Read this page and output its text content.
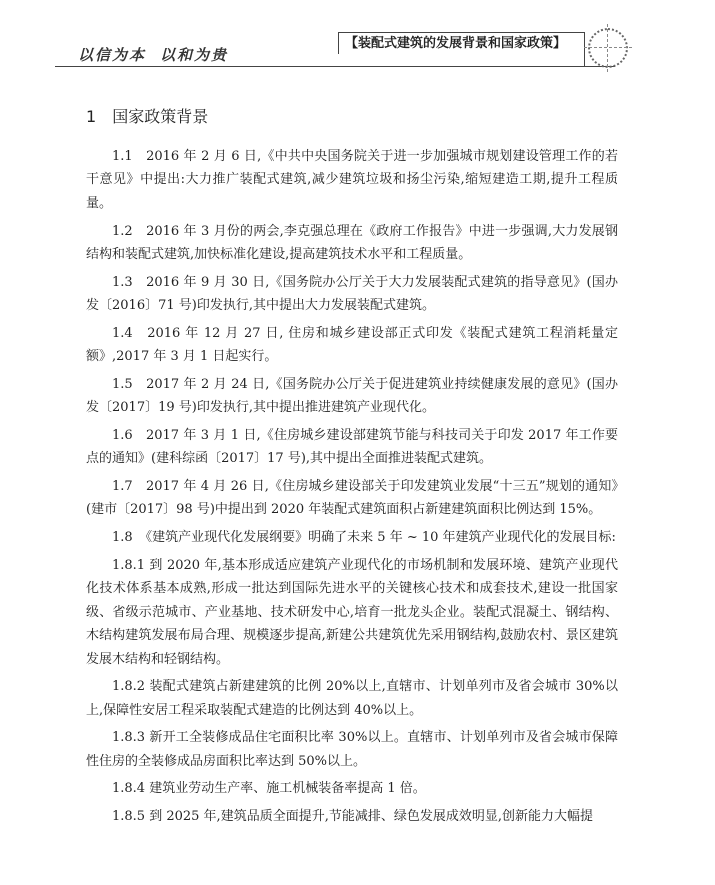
以信为本 以和为贵
【 装配式建筑的发展背景和国家政策 】
1 国家政策背景

1.1　2016 年 2 月 6 日,《中共中央国务院关于进一步加强城市规划建设管理工作的若干意见》中提出:大力推广装配式建筑,减少建筑垃圾和扬尘污染,缩短建造工期,提升工程质量。

1.2　2016 年 3 月份的两会,李克强总理在《政府工作报告》中进一步强调,大力发展钢结构和装配式建筑,加快标准化建设,提高建筑技术水平和工程质量。

1.3　2016 年 9 月 30 日,《国务院办公厅关于大力发展装配式建筑的指导意见》(国办发〔2016〕71 号)印发执行,其中提出大力发展装配式建筑。

1.4　2016 年 12 月 27 日, 住房和城乡建设部正式印发《装配式建筑工程消耗量定额》,2017 年 3 月 1 日起实行。

1.5　2017 年 2 月 24 日,《国务院办公厅关于促进建筑业持续健康发展的意见》(国办发〔2017〕19 号)印发执行,其中提出推进建筑产业现代化。

1.6　2017 年 3 月 1 日,《住房城乡建设部建筑节能与科技司关于印发 2017 年工作要点的通知》(建科综函〔2017〕17 号),其中提出全面推进装配式建筑。

1.7　2017 年 4 月 26 日,《住房城乡建设部关于印发建筑业发展“十三五”规划的通知》(建市〔2017〕98 号)中提出到 2020 年装配式建筑面积占新建建筑面积比例达到 15%。

1.8　《建筑产业现代化发展纲要》明确了未来 5 年 ~ 10 年建筑产业现代化的发展目标:

1.8.1 到 2020 年,基本形成适应建筑产业现代化的市场机制和发展环境、建筑产业现代化技术体系基本成熟,形成一批达到国际先进水平的关键核心技术和成套技术,建设一批国家级、省级示范城市、产业基地、技术研发中心,培育一批龙头企业。装配式混凝土、钢结构、木结构建筑发展布局合理、规模逐步提高,新建公共建筑优先采用钢结构,鼓励农村、景区建筑发展木结构和轻钢结构。

1.8.2 装配式建筑占新建建筑的比例 20%以上,直辖市、计划单列市及省会城市 30%以上,保障性安居工程采取装配式建造的比例达到 40%以上。

1.8.3 新开工全装修成品住宅面积比率 30%以上。直辖市、计划单列市及省会城市保障性住房的全装修成品房面积比率达到 50%以上。

1.8.4 建筑业劳动生产率、施工机械装备率提高 1 倍。

1.8.5 到 2025 年,建筑品质全面提升,节能减排、绿色发展成效明显,创新能力大幅提
